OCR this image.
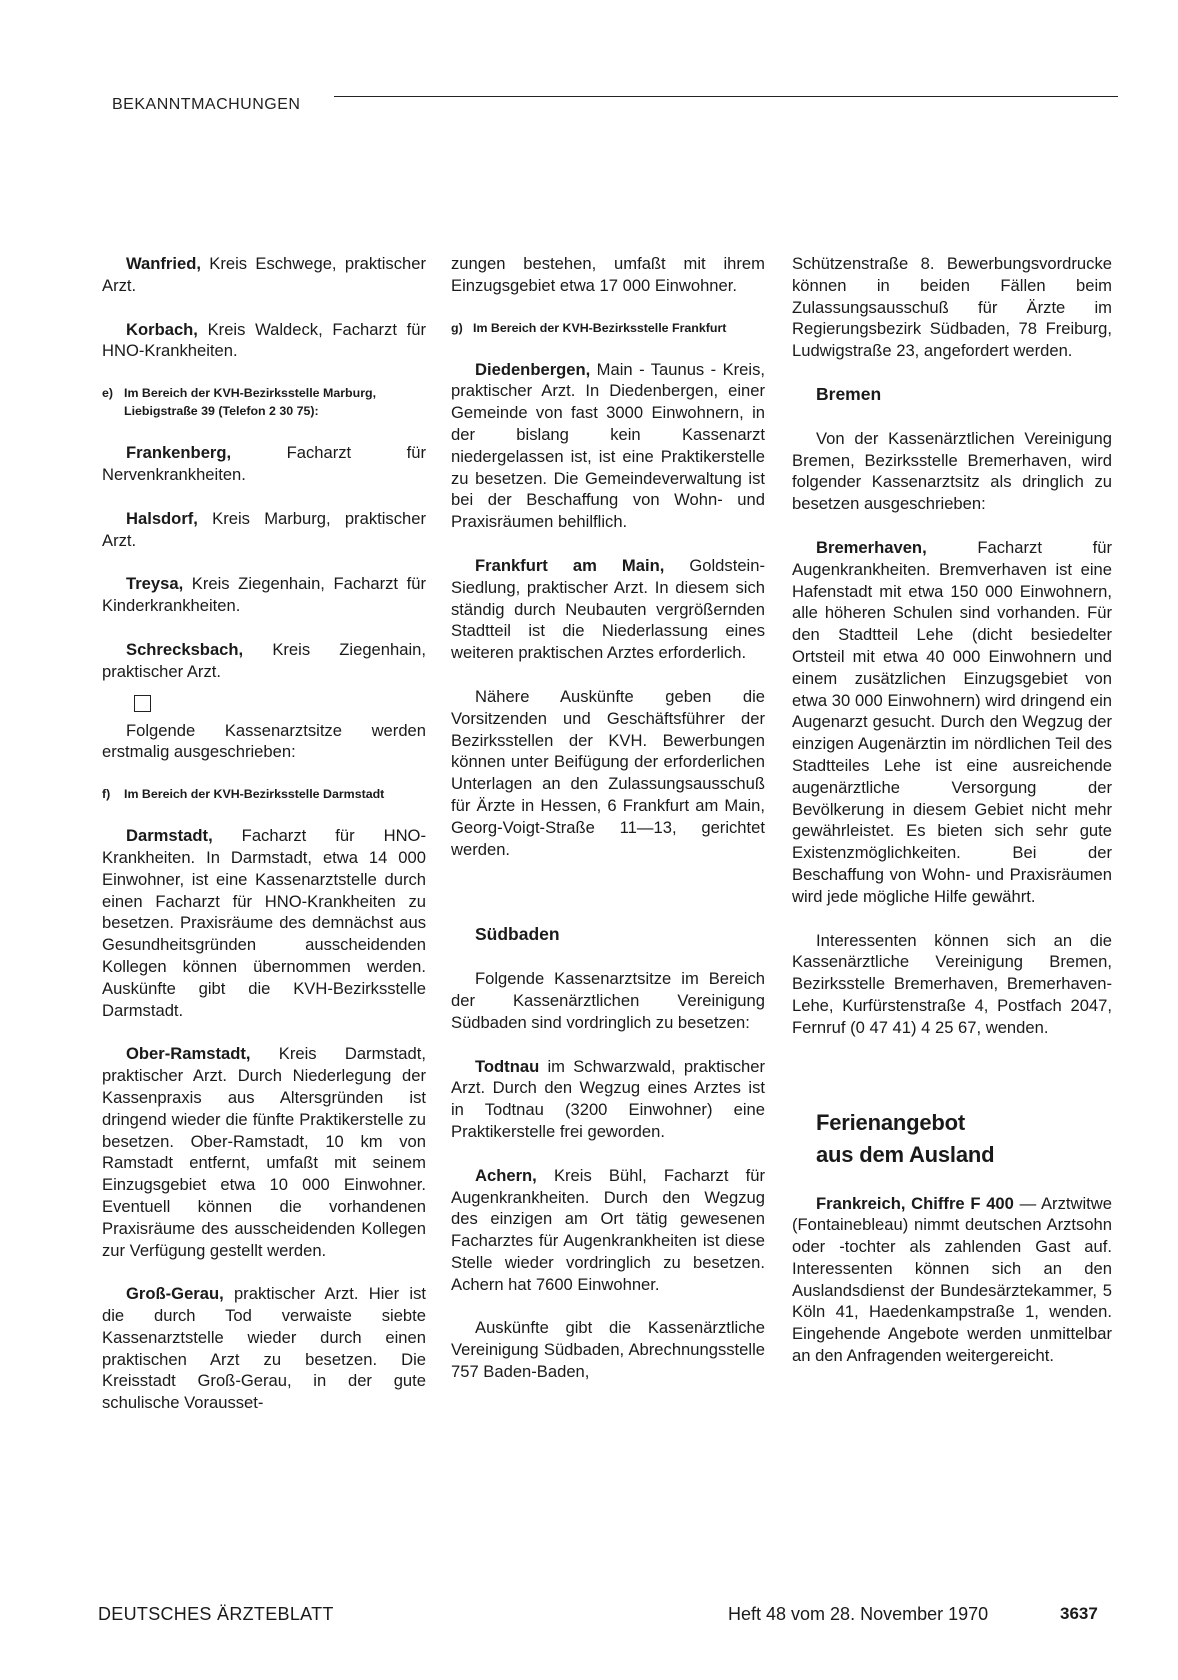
BEKANNTMACHUNGEN

Wanfried, Kreis Eschwege, praktischer Arzt.

Korbach, Kreis Waldeck, Facharzt für HNO-Krankheiten.

e) Im Bereich der KVH-Bezirksstelle Marburg, Liebigstraße 39 (Telefon 2 30 75):

Frankenberg, Facharzt für Nervenkrankheiten.

Halsdorf, Kreis Marburg, praktischer Arzt.

Treysa, Kreis Ziegenhain, Facharzt für Kinderkrankheiten.

Schrecksbach, Kreis Ziegenhain, praktischer Arzt.

Folgende Kassenarztsitze werden erstmalig ausgeschrieben:

f) Im Bereich der KVH-Bezirksstelle Darmstadt

Darmstadt, Facharzt für HNO-Krankheiten. In Darmstadt, etwa 14 000 Einwohner, ist eine Kassenarztstelle durch einen Facharzt für HNO-Krankheiten zu besetzen. Praxisräume des demnächst aus Gesundheitsgründen ausscheidenden Kollegen können übernommen werden. Auskünfte gibt die KVH-Bezirksstelle Darmstadt.

Ober-Ramstadt, Kreis Darmstadt, praktischer Arzt. Durch Niederlegung der Kassenpraxis aus Altersgründen ist dringend wieder die fünfte Praktikerstelle zu besetzen. Ober-Ramstadt, 10 km von Ramstadt entfernt, umfaßt mit seinem Einzugsgebiet etwa 10 000 Einwohner. Eventuell können die vorhandenen Praxisräume des ausscheidenden Kollegen zur Verfügung gestellt werden.

Groß-Gerau, praktischer Arzt. Hier ist die durch Tod verwaiste siebte Kassenarztstelle wieder durch einen praktischen Arzt zu besetzen. Die Kreisstadt Groß-Gerau, in der gute schulische Vorausset-

zungen bestehen, umfaßt mit ihrem Einzugsgebiet etwa 17 000 Einwohner.

g) Im Bereich der KVH-Bezirksstelle Frankfurt

Diedenbergen, Main - Taunus - Kreis, praktischer Arzt. In Diedenbergen, einer Gemeinde von fast 3000 Einwohnern, in der bislang kein Kassenarzt niedergelassen ist, ist eine Praktikerstelle zu besetzen. Die Gemeindeverwaltung ist bei der Beschaffung von Wohn- und Praxisräumen behilflich.

Frankfurt am Main, Goldstein-Siedlung, praktischer Arzt. In diesem sich ständig durch Neubauten vergrößernden Stadtteil ist die Niederlassung eines weiteren praktischen Arztes erforderlich.

Nähere Auskünfte geben die Vorsitzenden und Geschäftsführer der Bezirksstellen der KVH. Bewerbungen können unter Beifügung der erforderlichen Unterlagen an den Zulassungsausschuß für Ärzte in Hessen, 6 Frankfurt am Main, Georg-Voigt-Straße 11—13, gerichtet werden.

Südbaden

Folgende Kassenarztsitze im Bereich der Kassenärztlichen Vereinigung Südbaden sind vordringlich zu besetzen:

Todtnau im Schwarzwald, praktischer Arzt. Durch den Wegzug eines Arztes ist in Todtnau (3200 Einwohner) eine Praktikerstelle frei geworden.

Achern, Kreis Bühl, Facharzt für Augenkrankheiten. Durch den Wegzug des einzigen am Ort tätig gewesenen Facharztes für Augenkrankheiten ist diese Stelle wieder vordringlich zu besetzen. Achern hat 7600 Einwohner.

Auskünfte gibt die Kassenärztliche Vereinigung Südbaden, Abrechnungsstelle 757 Baden-Baden,

Schützenstraße 8. Bewerbungsvordrucke können in beiden Fällen beim Zulassungsausschuß für Ärzte im Regierungsbezirk Südbaden, 78 Freiburg, Ludwigstraße 23, angefordert werden.

Bremen

Von der Kassenärztlichen Vereinigung Bremen, Bezirksstelle Bremerhaven, wird folgender Kassenarztsitz als dringlich zu besetzen ausgeschrieben:

Bremerhaven, Facharzt für Augenkrankheiten. Bremverhaven ist eine Hafenstadt mit etwa 150 000 Einwohnern, alle höheren Schulen sind vorhanden. Für den Stadtteil Lehe (dicht besiedelter Ortsteil mit etwa 40 000 Einwohnern und einem zusätzlichen Einzugsgebiet von etwa 30 000 Einwohnern) wird dringend ein Augenarzt gesucht. Durch den Wegzug der einzigen Augenärztin im nördlichen Teil des Stadtteiles Lehe ist eine ausreichende augenärztliche Versorgung der Bevölkerung in diesem Gebiet nicht mehr gewährleistet. Es bieten sich sehr gute Existenzmöglichkeiten. Bei der Beschaffung von Wohn- und Praxisräumen wird jede mögliche Hilfe gewährt.

Interessenten können sich an die Kassenärztliche Vereinigung Bremen, Bezirksstelle Bremerhaven, Bremerhaven-Lehe, Kurfürstenstraße 4, Postfach 2047, Fernruf (0 47 41) 4 25 67, wenden.

Ferienangebot
aus dem Ausland

Frankreich, Chiffre F 400 — Arztwitwe (Fontainebleau) nimmt deutschen Arztsohn oder -tochter als zahlenden Gast auf. Interessenten können sich an den Auslandsdienst der Bundesärztekammer, 5 Köln 41, Haedenkampstraße 1, wenden. Eingehende Angebote werden unmittelbar an den Anfragenden weitergereicht.

DEUTSCHES ÄRZTEBLATT	Heft 48 vom 28. November 1970	3637
